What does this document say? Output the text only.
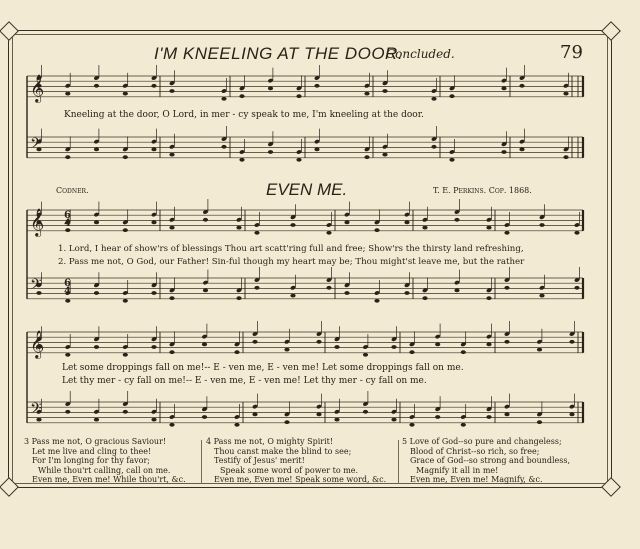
I'M KNEELING AT THE DOOR.
Concluded.	79
𝄞
𝄢
𝄞
𝄢
𝄞
𝄢
6
4
6
4
Kneeling at the door, O Lord, in mer - cy speak to me, I'm kneeling at the door.
Codner.	EVEN ME.	T. E. Perkins. Cop. 1868.
1. Lord, I hear of show'rs of blessings Thou art scatt'ring full and free; Show'rs the thirsty land refreshing,
2. Pass me not, O God, our Father! Sin-ful though my heart may be; Thou might'st leave me, but the rather
Let some droppings fall on me!-- E - ven me, E - ven me! Let some droppings fall on me.
Let thy mer - cy fall on me!-- E - ven me, E - ven me! Let thy mer - cy fall on me.
3 Pass me not, O gracious Saviour!
Let me live and cling to thee!
For I'm longing for thy favor;
While thou'rt calling, call on me.
Even me, Even me! While thou'rt, &c.
4 Pass me not, O mighty Spirit!
Thou canst make the blind to see;
Testify of Jesus' merit!
Speak some word of power to me.
Even me, Even me! Speak some word, &c.
5 Love of God--so pure and changeless;
Blood of Christ--so rich, so free;
Grace of God--so strong and boundless,
Magnify it all in me!
Even me, Even me! Magnify, &c.
